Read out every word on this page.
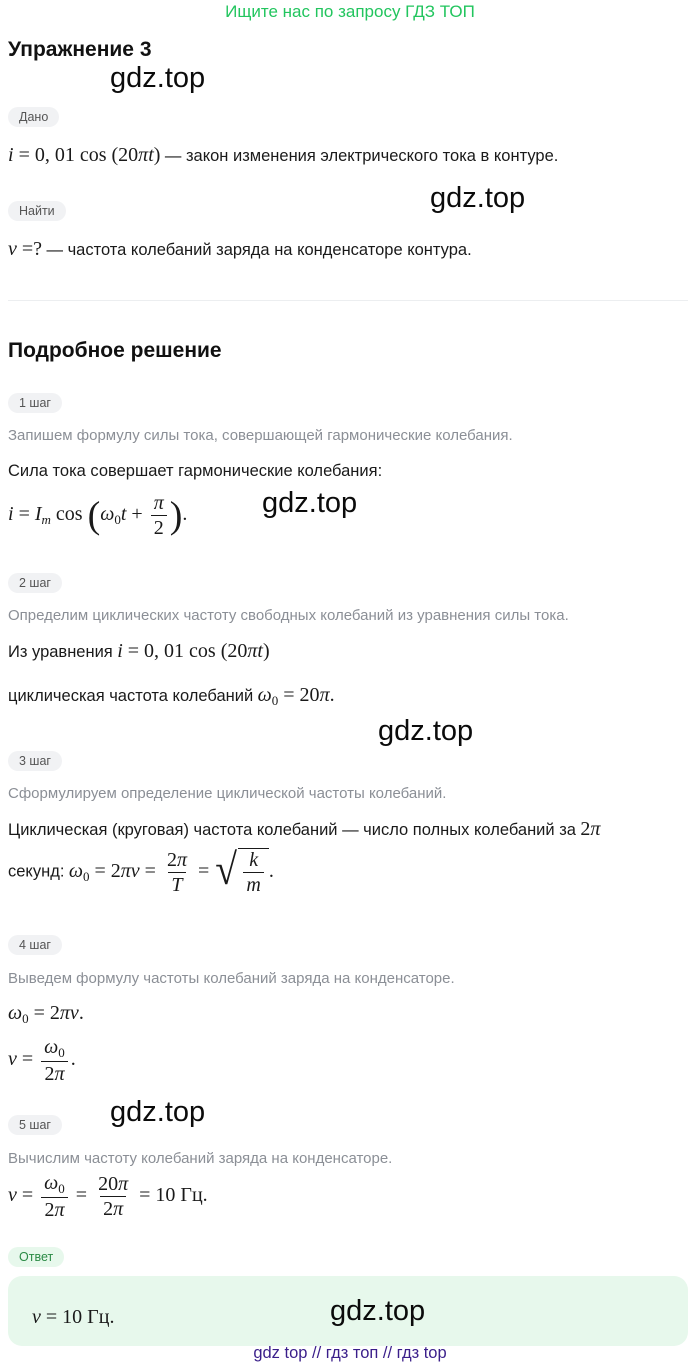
Ищите нас по запросу ГДЗ ТОП
Упражнение 3
gdz.top
gdz.top
gdz.top
gdz.top
gdz.top
gdz.top
Дано
i = 0, 01 cos (20πt) — закон изменения электрического тока в контуре.
Найти
ν =? — частота колебаний заряда на конденсаторе контура.
Подробное решение
1 шаг
Запишем формулу силы тока, совершающей гармонические колебания.
Сила тока совершает гармонические колебания:
$i = I_m$ $\cos (\omega_0t + \frac{\pi}{2}$ ).
2 шаг
Определим циклических частоту свободных колебаний из уравнения силы тока.
Из уравнения i = 0, 01 cos (20πt)
циклическая частота колебаний $\omega_0 = 20\pi$.
3 шаг
Сформулируем определение циклической частоты колебаний.
Циклическая (круговая) частота колебаний — число полных колебаний за 2π
секунд: $\omega_0 = 2\pi\nu = \frac{2\pi}{T}$ = √ $\frac{k}{m}$ .
4 шаг
Выведем формулу частоты колебаний заряда на конденсаторе.
$\omega_0 = 2\pi\nu$.
$\nu = \frac{\omega_0}{2\pi}$ .
5 шаг
Вычислим частоту колебаний заряда на конденсаторе.
$\nu = \frac{\omega_0}{2\pi} = \frac{20\pi}{2\pi} = 10$ Гц.
Ответ
ν = 10 Гц.
gdz top // гдз топ // гдз top
